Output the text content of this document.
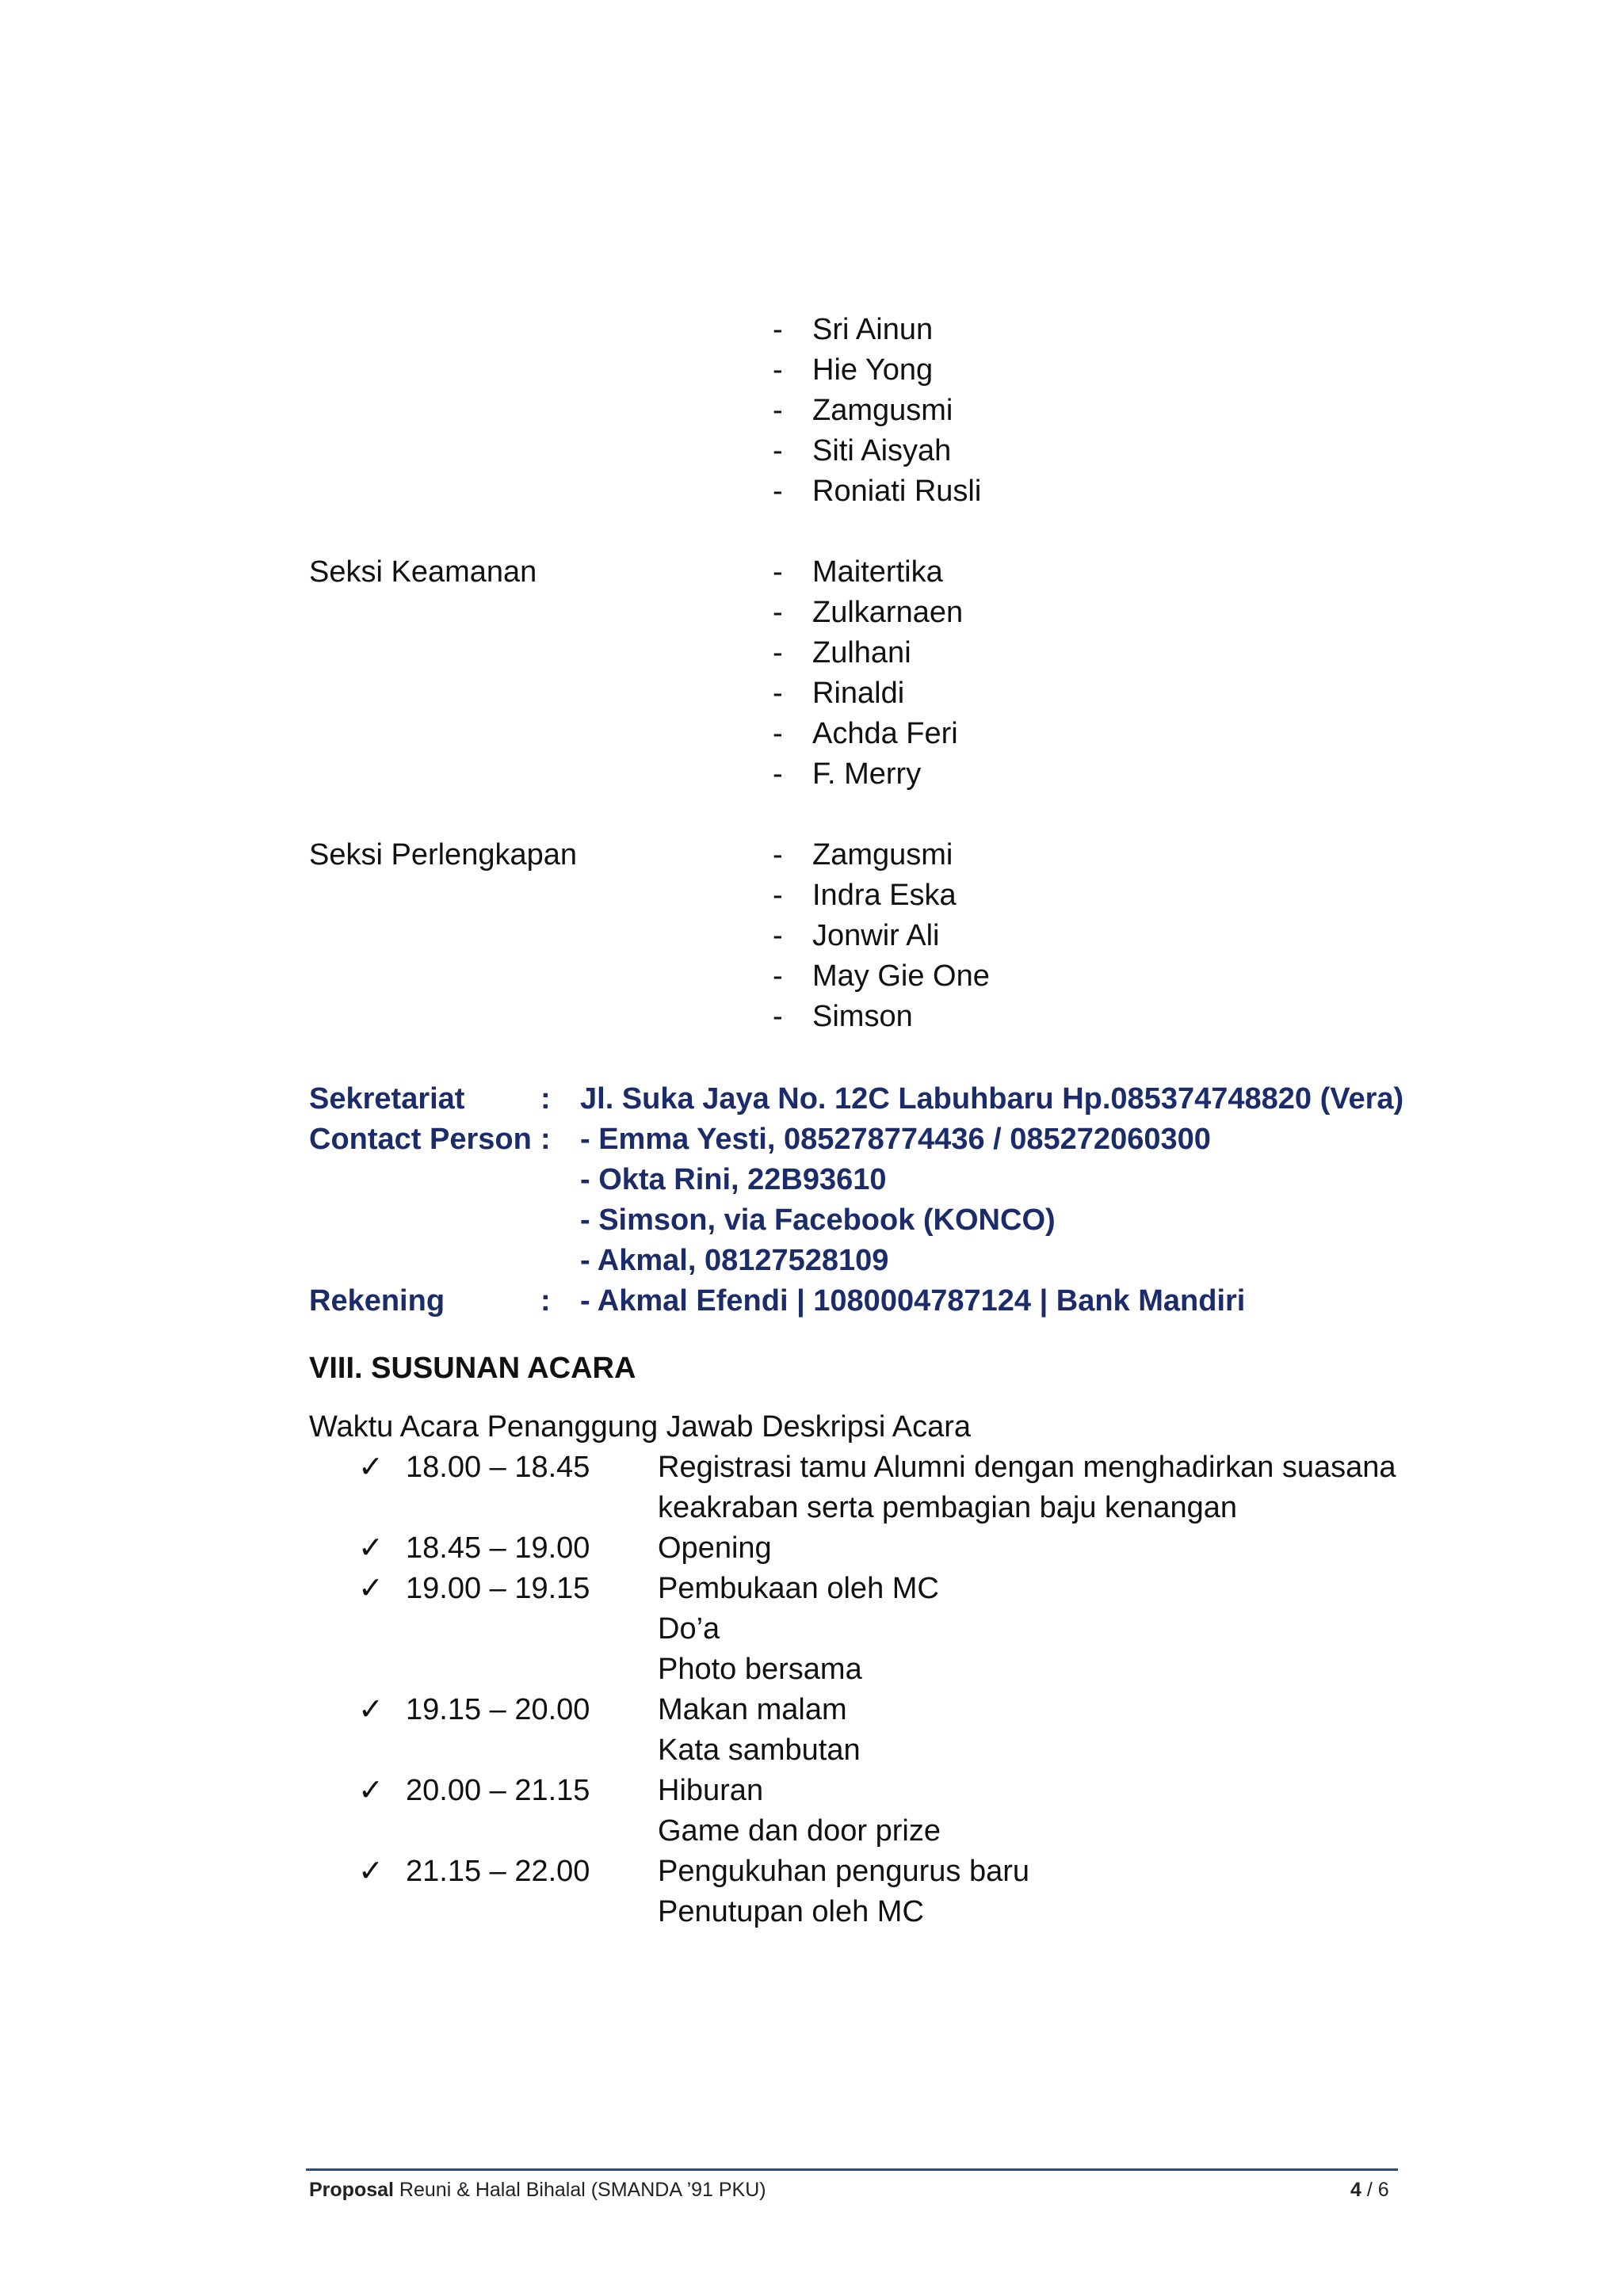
- Sri Ainun
- Hie Yong
- Zamgusmi
- Siti Aisyah
- Roniati Rusli
Seksi Keamanan	- Maitertika
- Zulkarnaen
- Zulhani
- Rinaldi
- Achda Feri
- F. Merry
Seksi Perlengkapan	- Zamgusmi
- Indra Eska
- Jonwir Ali
- May Gie One
- Simson
Sekretariat	: Jl. Suka Jaya No. 12C Labuhbaru Hp.085374748820 (Vera)
Contact Person : - Emma Yesti, 085278774436 / 085272060300
- Okta Rini, 22B93610
- Simson, via Facebook (KONCO)
- Akmal, 08127528109
Rekening	: - Akmal Efendi | 1080004787124 | Bank Mandiri
VIII. SUSUNAN ACARA
Waktu Acara Penanggung Jawab Deskripsi Acara
✓ 18.00 – 18.45 Registrasi tamu Alumni dengan menghadirkan suasana
keakraban serta pembagian baju kenangan
✓ 18.45 – 19.00 Opening
✓ 19.00 – 19.15 Pembukaan oleh MC
Do’a
Photo bersama
✓ 19.15 – 20.00 Makan malam
Kata sambutan
✓ 20.00 – 21.15 Hiburan
Game dan door prize
✓ 21.15 – 22.00 Pengukuhan pengurus baru
Penutupan oleh MC
Proposal Reuni & Halal Bihalal (SMANDA ’91 PKU)	4 / 6
